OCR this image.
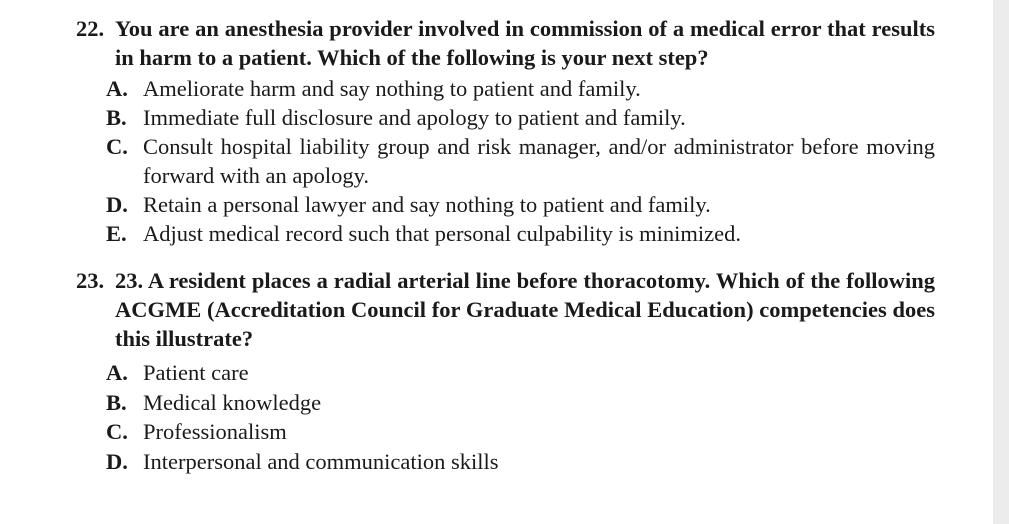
22. You are an anesthesia provider involved in commission of a medical error that results in harm to a patient. Which of the following is your next step?
A. Ameliorate harm and say nothing to patient and family.
B. Immediate full disclosure and apology to patient and family.
C. Consult hospital liability group and risk manager, and/or administrator before moving forward with an apology.
D. Retain a personal lawyer and say nothing to patient and family.
E. Adjust medical record such that personal culpability is minimized.
23. 23. A resident places a radial arterial line before thoracotomy. Which of the following ACGME (Accreditation Council for Graduate Medical Education) competencies does this illustrate?
A. Patient care
B. Medical knowledge
C. Professionalism
D. Interpersonal and communication skills
